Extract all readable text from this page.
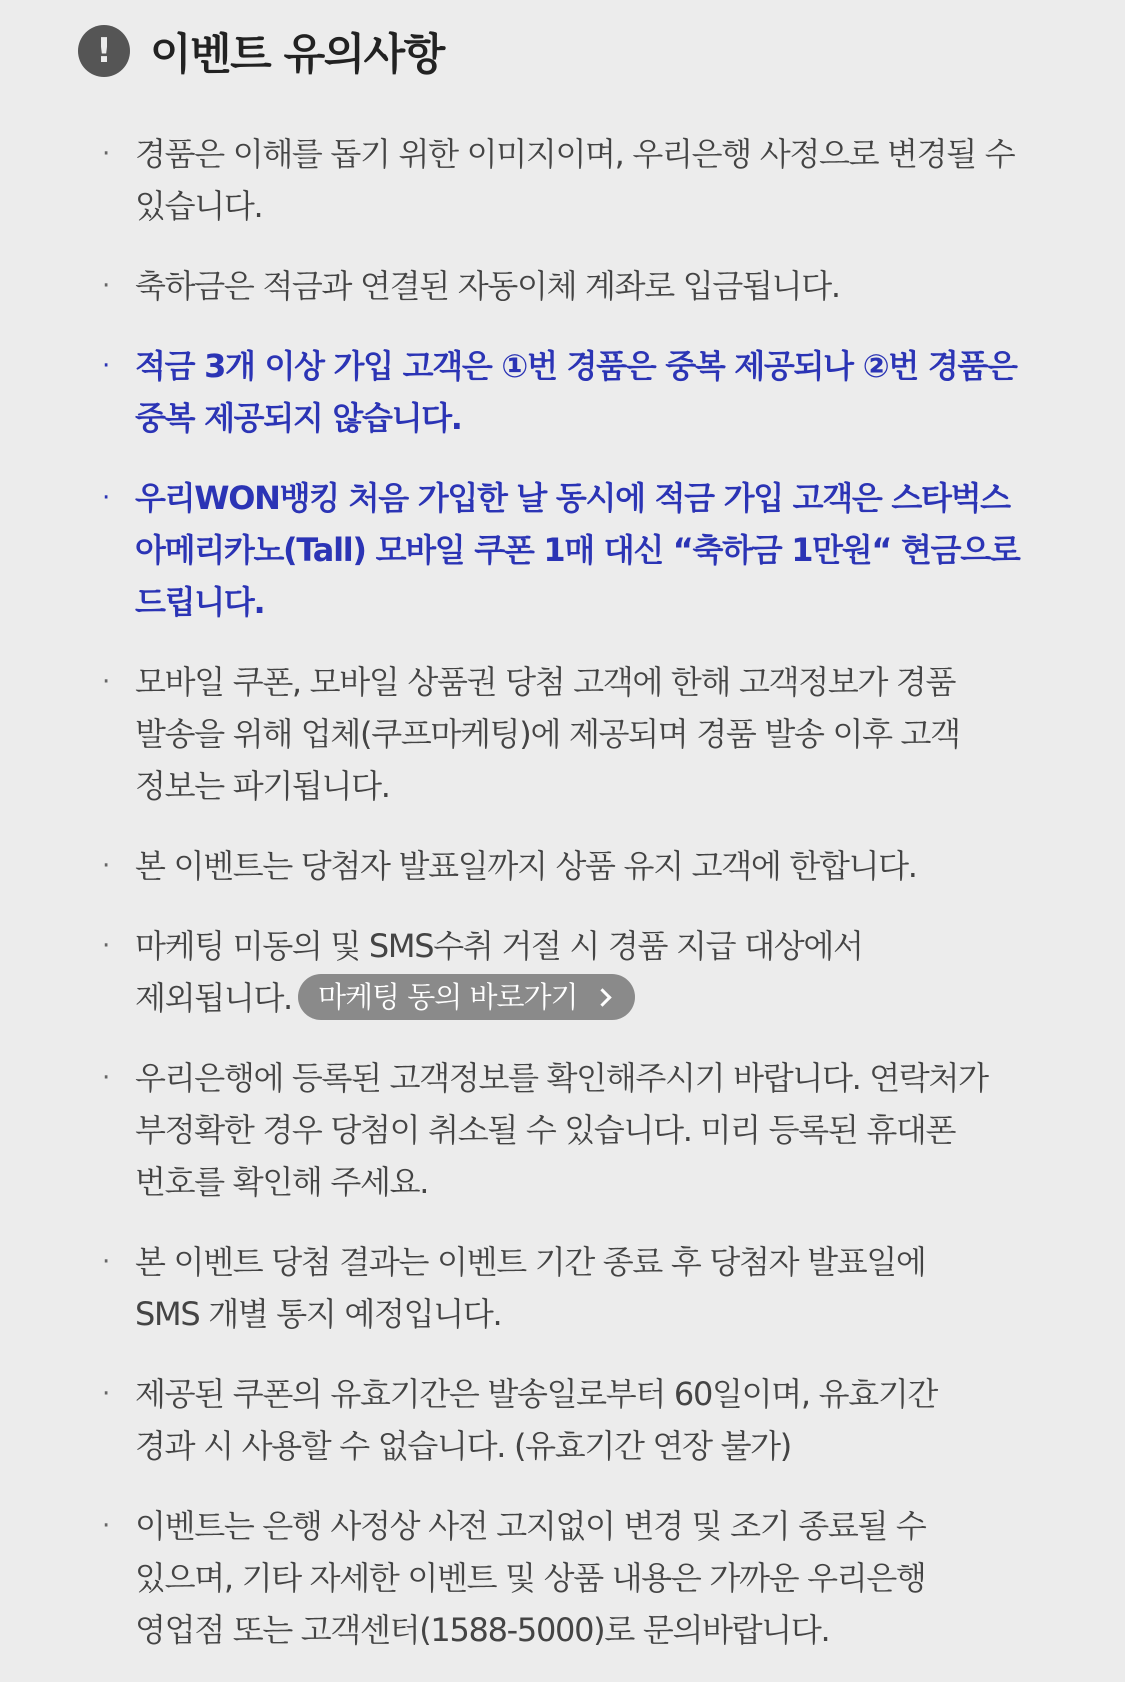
! 이벤트 유의사항
· 경품은 이해를 돕기 위한 이미지이며, 우리은행 사정으로 변경될 수
있습니다.
· 축하금은 적금과 연결된 자동이체 계좌로 입금됩니다.
· 적금 3개 이상 가입 고객은 ①번 경품은 중복 제공되나 ②번 경품은
중복 제공되지 않습니다.
· 우리WON뱅킹 처음 가입한 날 동시에 적금 가입 고객은 스타벅스
아메리카노(Tall) 모바일 쿠폰 1매 대신 “축하금 1만원“ 현금으로
드립니다.
· 모바일 쿠폰, 모바일 상품권 당첨 고객에 한해 고객정보가 경품
발송을 위해 업체(쿠프마케팅)에 제공되며 경품 발송 이후 고객
정보는 파기됩니다.
· 본 이벤트는 당첨자 발표일까지 상품 유지 고객에 한합니다.
· 마케팅 미동의 및 SMS수취 거절 시 경품 지급 대상에서
제외됩니다. 마케팅 동의 바로가기
· 우리은행에 등록된 고객정보를 확인해주시기 바랍니다. 연락처가
부정확한 경우 당첨이 취소될 수 있습니다. 미리 등록된 휴대폰
번호를 확인해 주세요.
· 본 이벤트 당첨 결과는 이벤트 기간 종료 후 당첨자 발표일에
SMS 개별 통지 예정입니다.
· 제공된 쿠폰의 유효기간은 발송일로부터 60일이며, 유효기간
경과 시 사용할 수 없습니다. (유효기간 연장 불가)
· 이벤트는 은행 사정상 사전 고지없이 변경 및 조기 종료될 수
있으며, 기타 자세한 이벤트 및 상품 내용은 가까운 우리은행
영업점 또는 고객센터(1588-5000)로 문의바랍니다.
